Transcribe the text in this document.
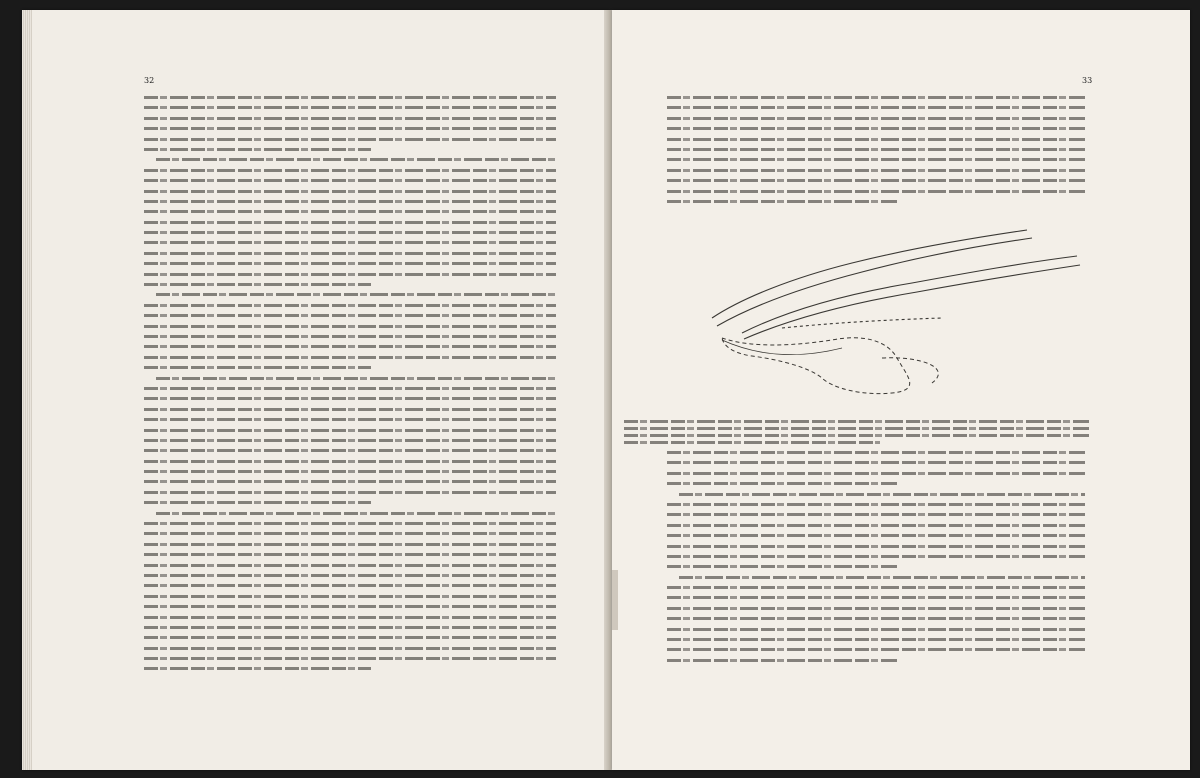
32	33
